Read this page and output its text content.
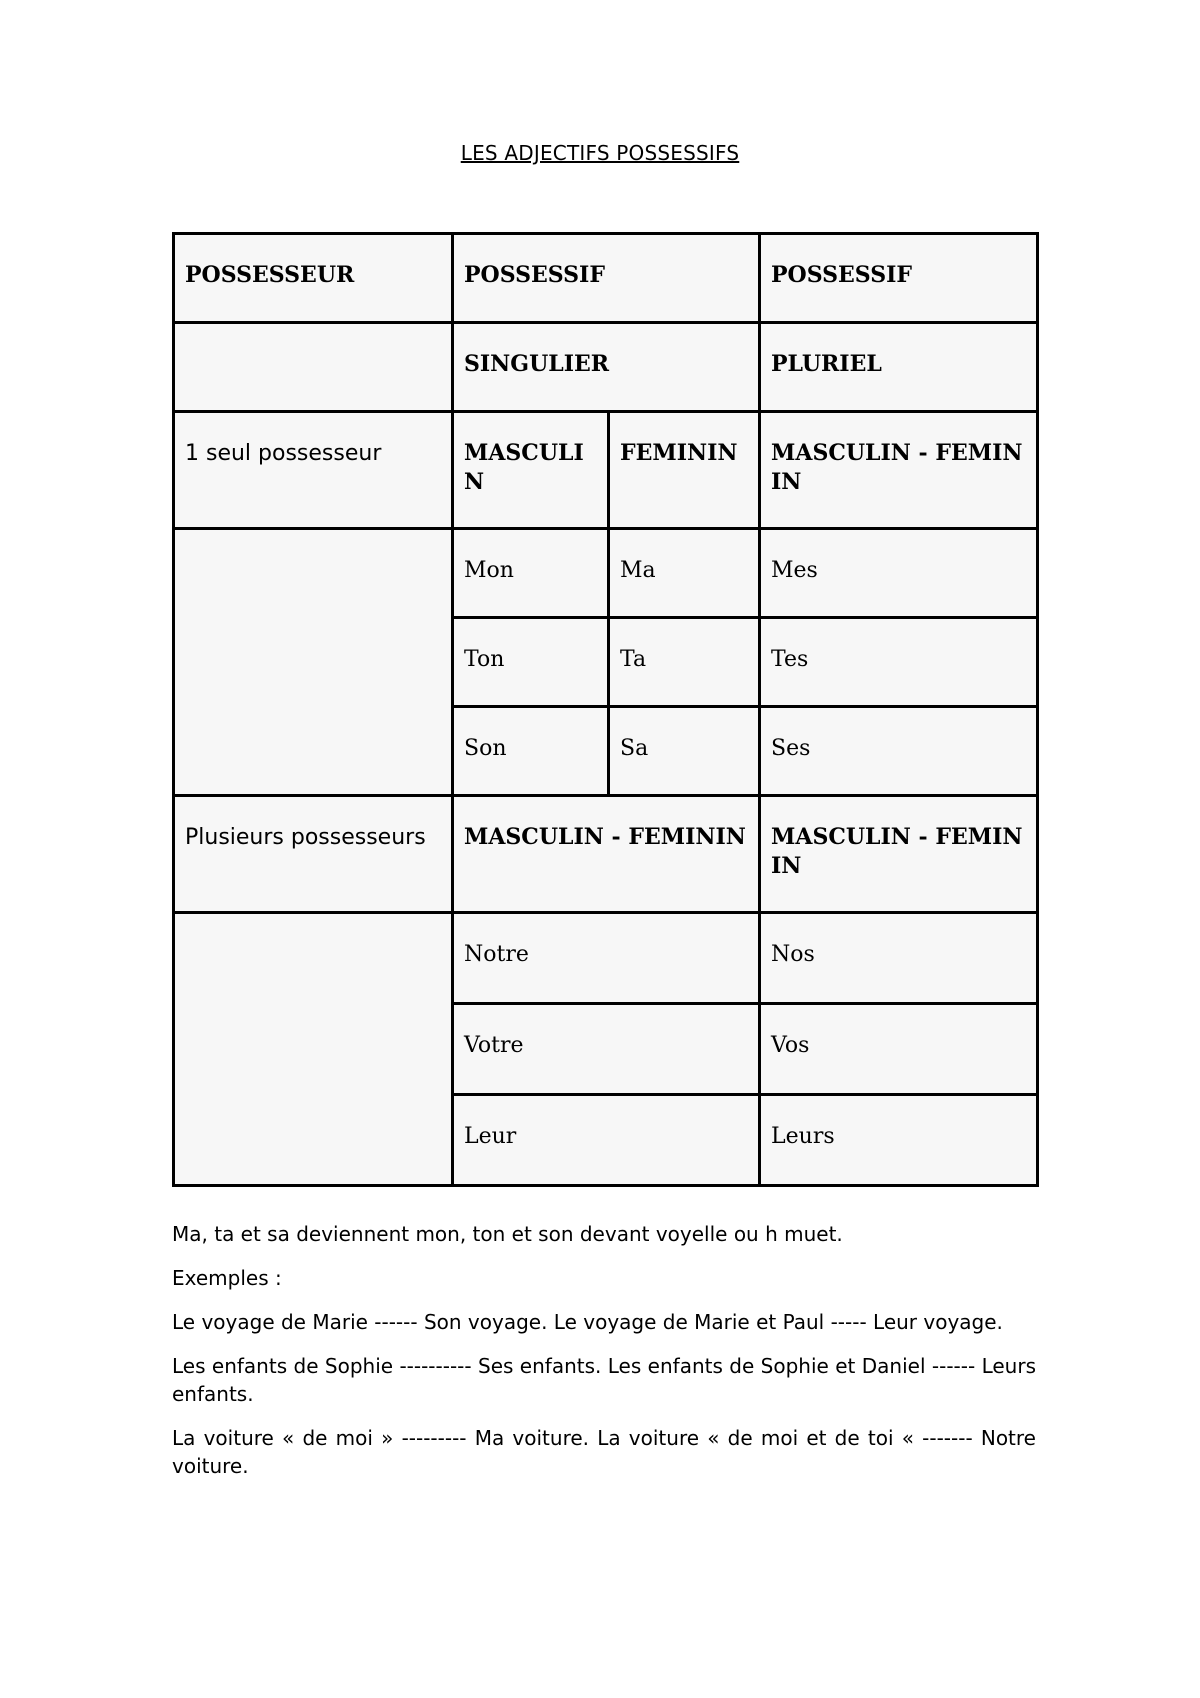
LES ADJECTIFS POSSESSIFS
POSSESSEUR	POSSESSIF		POSSESSIF
	SINGULIER		PLURIEL
1 seul possesseur	MASCULIN	FEMININ	MASCULIN - FEMININ
	Mon	Ma	Mes
	Ton	Ta	Tes
	Son	Sa	Ses
Plusieurs possesseurs	MASCULIN - FEMININ		MASCULIN - FEMININ
	Notre		Nos
	Votre		Vos
	Leur		Leurs

Ma, ta et sa deviennent mon, ton et son devant voyelle ou h muet.

Exemples :

Le voyage de Marie ------ Son voyage. Le voyage de Marie et Paul ----- Leur voyage.

Les enfants de Sophie ---------- Ses enfants. Les enfants de Sophie et Daniel ------ Leurs enfants.

La voiture « de moi » --------- Ma voiture. La voiture « de moi et de toi « ------- Notre voiture.
